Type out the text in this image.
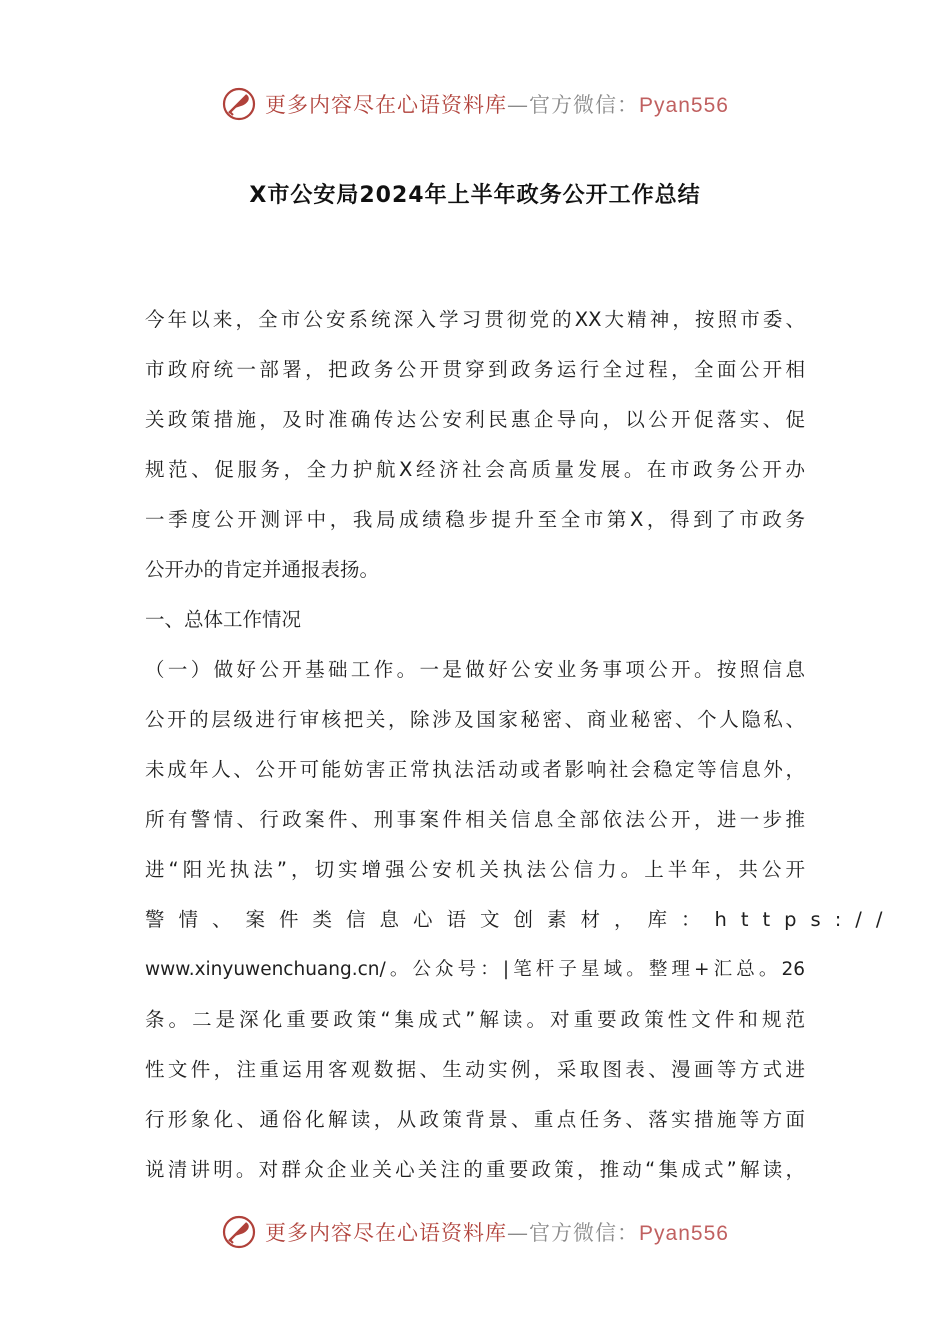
更多内容尽在心语资料库—官方微信：Pyan556
X市公安局2024年上半年政务公开工作总结
今年以来，全市公安系统深入学习贯彻党的XX大精神，按照市委、
市政府统一部署，把政务公开贯穿到政务运行全过程，全面公开相
关政策措施，及时准确传达公安利民惠企导向，以公开促落实、促
规范、促服务，全力护航X经济社会高质量发展。在市政务公开办
一季度公开测评中，我局成绩稳步提升至全市第X，得到了市政务
公开办的肯定并通报表扬。
一、总体工作情况
（一）做好公开基础工作。一是做好公安业务事项公开。按照信息
公开的层级进行审核把关，除涉及国家秘密、商业秘密、个人隐私、
未成年人、公开可能妨害正常执法活动或者影响社会稳定等信息外，
所有警情、行政案件、刑事案件相关信息全部依法公开，进一步推
进“阳光执法”，切实增强公安机关执法公信力。上半年，共公开
警情、案件类信息心语文创素材，库：https://
www.xinyuwenchuang.cn/。公众号：|笔杆子星域。整理+汇总。26
条。二是深化重要政策“集成式”解读。对重要政策性文件和规范
性文件，注重运用客观数据、生动实例，采取图表、漫画等方式进
行形象化、通俗化解读，从政策背景、重点任务、落实措施等方面
说清讲明。对群众企业关心关注的重要政策，推动“集成式”解读，
更多内容尽在心语资料库—官方微信：Pyan556
